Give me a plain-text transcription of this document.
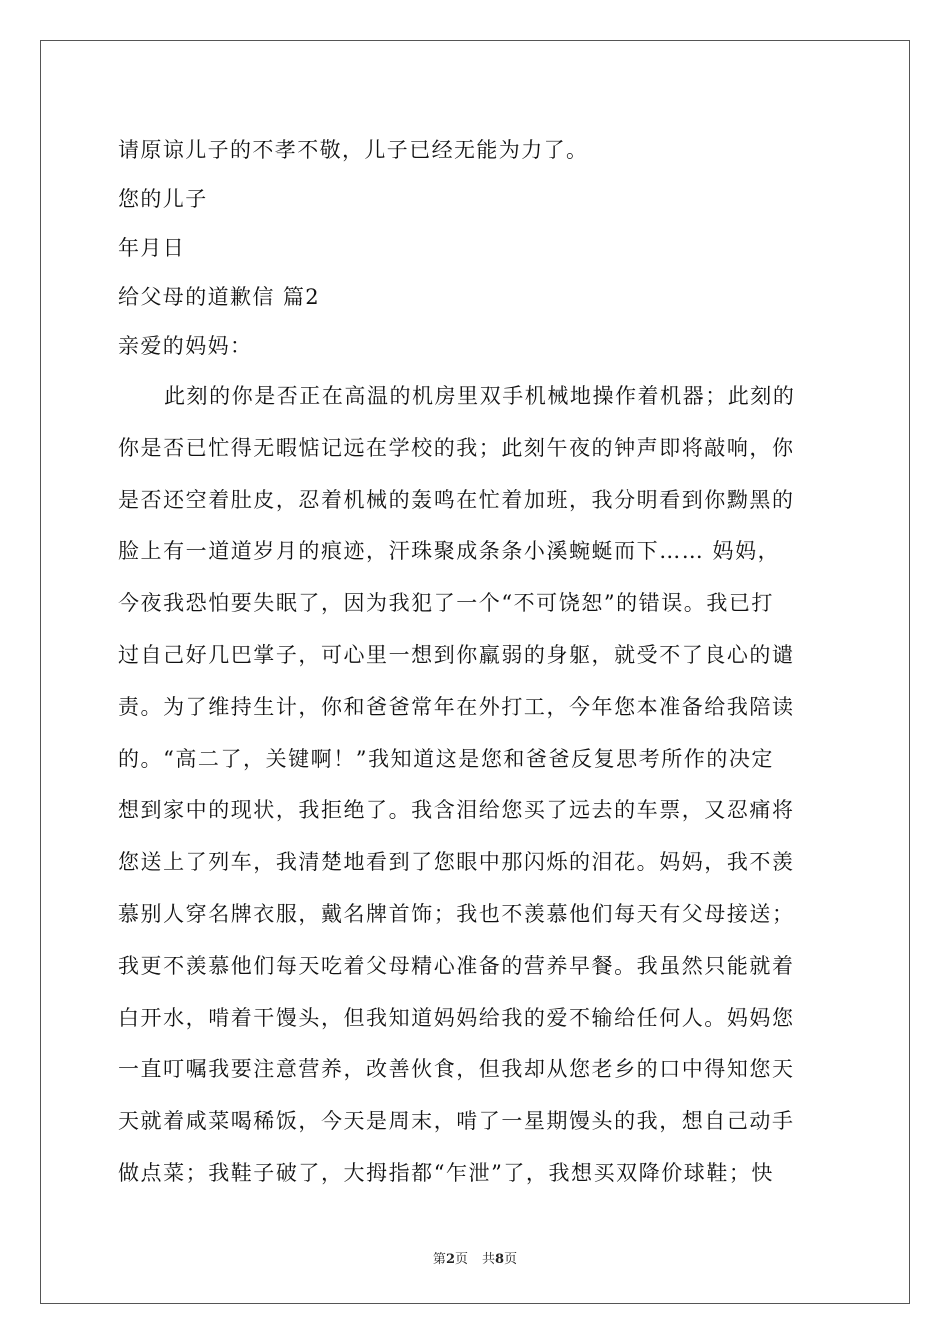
请原谅儿子的不孝不敬，儿子已经无能为力了。
您的儿子
年月日
给父母的道歉信 篇2
亲爱的妈妈：
此刻的你是否正在高温的机房里双手机械地操作着机器；此刻的
你是否已忙得无暇惦记远在学校的我；此刻午夜的钟声即将敲响，你
是否还空着肚皮，忍着机械的轰鸣在忙着加班，我分明看到你黝黑的
脸上有一道道岁月的痕迹，汗珠聚成条条小溪蜿蜒而下…… 妈妈，
今夜我恐怕要失眠了，因为我犯了一个“不可饶恕”的错误。我已打
过自己好几巴掌子，可心里一想到你羸弱的身躯，就受不了良心的谴
责。为了维持生计，你和爸爸常年在外打工，今年您本准备给我陪读
的。“高二了，关键啊！”我知道这是您和爸爸反复思考所作的决定
想到家中的现状，我拒绝了。我含泪给您买了远去的车票，又忍痛将
您送上了列车，我清楚地看到了您眼中那闪烁的泪花。妈妈，我不羡
慕别人穿名牌衣服，戴名牌首饰；我也不羡慕他们每天有父母接送；
我更不羡慕他们每天吃着父母精心准备的营养早餐。我虽然只能就着
白开水，啃着干馒头，但我知道妈妈给我的爱不输给任何人。妈妈您
一直叮嘱我要注意营养，改善伙食，但我却从您老乡的口中得知您天
天就着咸菜喝稀饭，今天是周末，啃了一星期馒头的我，想自己动手
做点菜；我鞋子破了，大拇指都“乍泄”了，我想买双降价球鞋；快
第2页 共8页
